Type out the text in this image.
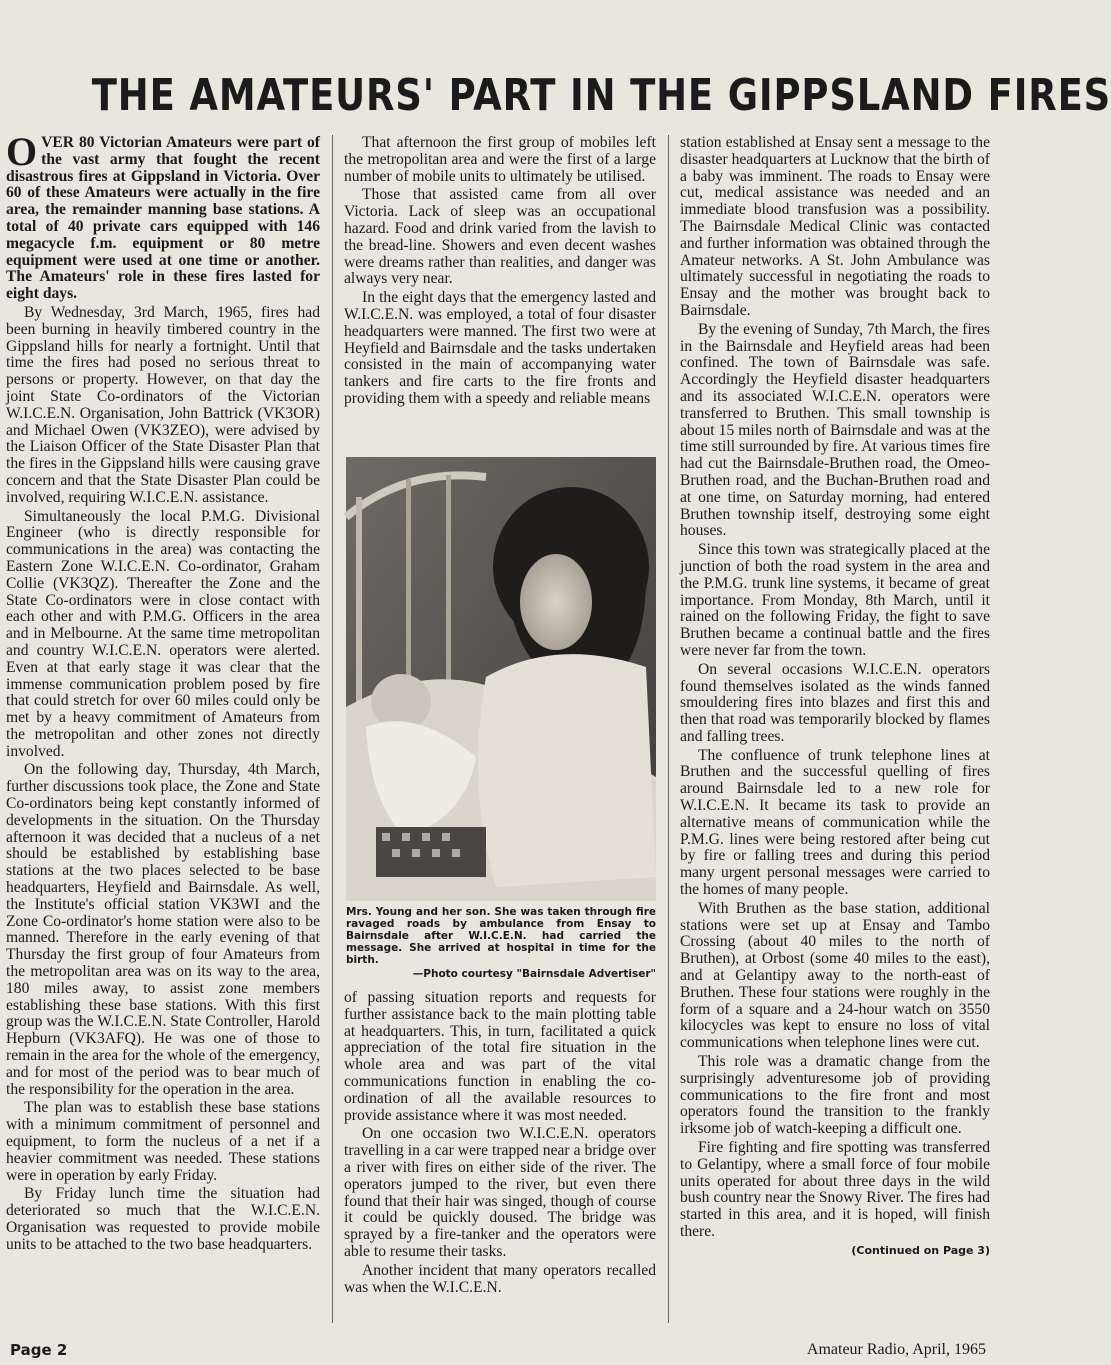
THE AMATEURS' PART IN THE GIPPSLAND FIRES

OVER 80 Victorian Amateurs were part of the vast army that fought the recent disastrous fires at Gippsland in Victoria. Over 60 of these Amateurs were actually in the fire area, the remainder manning base stations. A total of 40 private cars equipped with 146 megacycle f.m. equipment or 80 metre equipment were used at one time or another. The Amateurs' role in these fires lasted for eight days.

By Wednesday, 3rd March, 1965, fires had been burning in heavily timbered country in the Gippsland hills for nearly a fortnight. Until that time the fires had posed no serious threat to persons or property. However, on that day the joint State Co-ordinators of the Victorian W.I.C.E.N. Organisation, John Battrick (VK3OR) and Michael Owen (VK3ZEO), were advised by the Liaison Officer of the State Disaster Plan that the fires in the Gippsland hills were causing grave concern and that the State Disaster Plan could be involved, requiring W.I.C.E.N. assistance.

Simultaneously the local P.M.G. Divisional Engineer (who is directly responsible for communications in the area) was contacting the Eastern Zone W.I.C.E.N. Co-ordinator, Graham Collie (VK3QZ). Thereafter the Zone and the State Co-ordinators were in close contact with each other and with P.M.G. Officers in the area and in Melbourne. At the same time metropolitan and country W.I.C.E.N. operators were alerted. Even at that early stage it was clear that the immense communication problem posed by fire that could stretch for over 60 miles could only be met by a heavy commitment of Amateurs from the metropolitan and other zones not directly involved.

On the following day, Thursday, 4th March, further discussions took place, the Zone and State Co-ordinators being kept constantly informed of developments in the situation. On the Thursday afternoon it was decided that a nucleus of a net should be established by establishing base stations at the two places selected to be base headquarters, Heyfield and Bairnsdale. As well, the Institute's official station VK3WI and the Zone Co-ordinator's home station were also to be manned. Therefore in the early evening of that Thursday the first group of four Amateurs from the metropolitan area was on its way to the area, 180 miles away, to assist zone members establishing these base stations. With this first group was the W.I.C.E.N. State Controller, Harold Hepburn (VK3AFQ). He was one of those to remain in the area for the whole of the emergency, and for most of the period was to bear much of the responsibility for the operation in the area.

The plan was to establish these base stations with a minimum commitment of personnel and equipment, to form the nucleus of a net if a heavier commitment was needed. These stations were in operation by early Friday.

By Friday lunch time the situation had deteriorated so much that the W.I.C.E.N. Organisation was requested to provide mobile units to be attached to the two base headquarters.

That afternoon the first group of mobiles left the metropolitan area and were the first of a large number of mobile units to ultimately be utilised.

Those that assisted came from all over Victoria. Lack of sleep was an occupational hazard. Food and drink varied from the lavish to the bread-line. Showers and even decent washes were dreams rather than realities, and danger was always very near.

In the eight days that the emergency lasted and W.I.C.E.N. was employed, a total of four disaster headquarters were manned. The first two were at Heyfield and Bairnsdale and the tasks undertaken consisted in the main of accompanying water tankers and fire carts to the fire fronts and providing them with a speedy and reliable means

Mrs. Young and her son. She was taken through fire ravaged roads by ambulance from Ensay to Bairnsdale after W.I.C.E.N. had carried the message. She arrived at hospital in time for the birth.
—Photo courtesy "Bairnsdale Advertiser"

of passing situation reports and requests for further assistance back to the main plotting table at headquarters. This, in turn, facilitated a quick appreciation of the total fire situation in the whole area and was part of the vital communications function in enabling the co-ordination of all the available resources to provide assistance where it was most needed.

On one occasion two W.I.C.E.N. operators travelling in a car were trapped near a bridge over a river with fires on either side of the river. The operators jumped to the river, but even there found that their hair was singed, though of course it could be quickly doused. The bridge was sprayed by a fire-tanker and the operators were able to resume their tasks.

Another incident that many operators recalled was when the W.I.C.E.N.

station established at Ensay sent a message to the disaster headquarters at Lucknow that the birth of a baby was imminent. The roads to Ensay were cut, medical assistance was needed and an immediate blood transfusion was a possibility. The Bairnsdale Medical Clinic was contacted and further information was obtained through the Amateur networks. A St. John Ambulance was ultimately successful in negotiating the roads to Ensay and the mother was brought back to Bairnsdale.

By the evening of Sunday, 7th March, the fires in the Bairnsdale and Heyfield areas had been confined. The town of Bairnsdale was safe. Accordingly the Heyfield disaster headquarters and its associated W.I.C.E.N. operators were transferred to Bruthen. This small township is about 15 miles north of Bairnsdale and was at the time still surrounded by fire. At various times fire had cut the Bairnsdale-Bruthen road, the Omeo-Bruthen road, and the Buchan-Bruthen road and at one time, on Saturday morning, had entered Bruthen township itself, destroying some eight houses.

Since this town was strategically placed at the junction of both the road system in the area and the P.M.G. trunk line systems, it became of great importance. From Monday, 8th March, until it rained on the following Friday, the fight to save Bruthen became a continual battle and the fires were never far from the town.

On several occasions W.I.C.E.N. operators found themselves isolated as the winds fanned smouldering fires into blazes and first this and then that road was temporarily blocked by flames and falling trees.

The confluence of trunk telephone lines at Bruthen and the successful quelling of fires around Bairnsdale led to a new role for W.I.C.E.N. It became its task to provide an alternative means of communication while the P.M.G. lines were being restored after being cut by fire or falling trees and during this period many urgent personal messages were carried to the homes of many people.

With Bruthen as the base station, additional stations were set up at Ensay and Tambo Crossing (about 40 miles to the north of Bruthen), at Orbost (some 40 miles to the east), and at Gelantipy away to the north-east of Bruthen. These four stations were roughly in the form of a square and a 24-hour watch on 3550 kilocycles was kept to ensure no loss of vital communications when telephone lines were cut.

This role was a dramatic change from the surprisingly adventuresome job of providing communications to the fire front and most operators found the transition to the frankly irksome job of watch-keeping a difficult one.

Fire fighting and fire spotting was transferred to Gelantipy, where a small force of four mobile units operated for about three days in the wild bush country near the Snowy River. The fires had started in this area, and it is hoped, will finish there.

(Continued on Page 3)
Page 2	Amateur Radio, April, 1965
